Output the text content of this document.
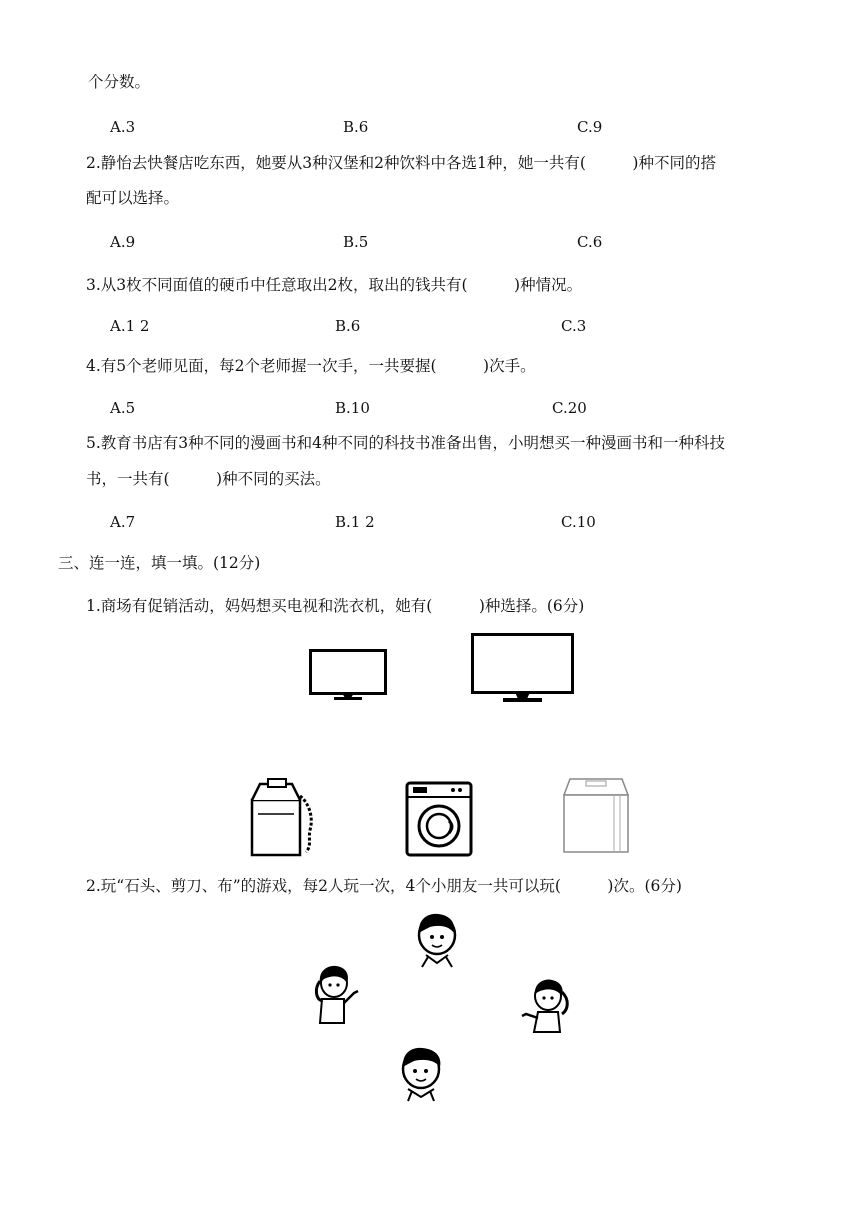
个分数。
A.3	B.6	C.9
2.静怡去快餐店吃东西，她要从3种汉堡和2种饮料中各选1种，她一共有(　　　)种不同的搭
配可以选择。
A.9	B.5	C.6
3.从3枚不同面值的硬币中任意取出2枚，取出的钱共有(　　　)种情况。
A.1 2	B.6	C.3
4.有5个老师见面，每2个老师握一次手，一共要握(　　　)次手。
A.5	B.10	C.20
5.教育书店有3种不同的漫画书和4种不同的科技书准备出售，小明想买一种漫画书和一种科技
书，一共有(　　　)种不同的买法。
A.7	B.1 2	C.10
三、连一连，填一填。(12分)
1.商场有促销活动，妈妈想买电视和洗衣机，她有(　　　)种选择。(6分)
2.玩“石头、剪刀、布”的游戏，每2人玩一次，4个小朋友一共可以玩(　　　)次。(6分)
